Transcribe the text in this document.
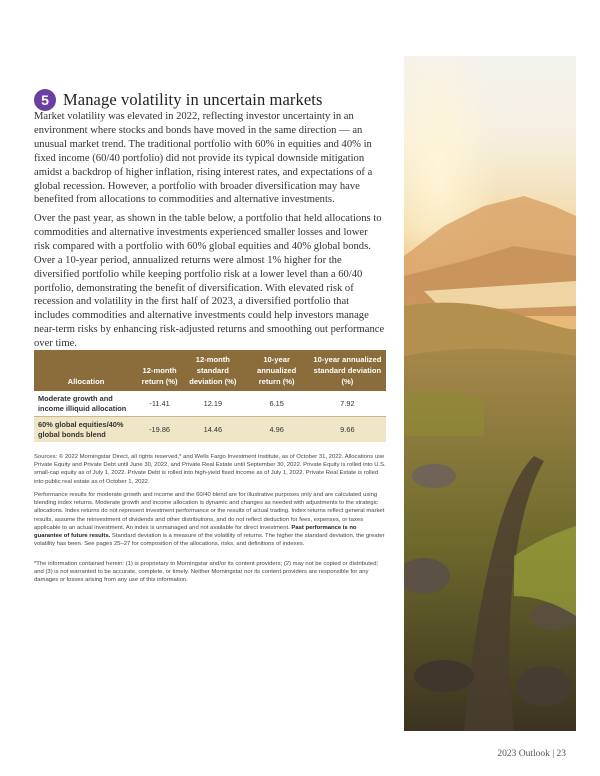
5 Manage volatility in uncertain markets

Market volatility was elevated in 2022, reflecting investor uncertainty in an environment where stocks and bonds have moved in the same direction — an unusual market trend. The traditional portfolio with 60% in equities and 40% in fixed income (60/40 portfolio) did not provide its typical downside mitigation amidst a backdrop of higher inflation, rising interest rates, and expectations of a global recession. However, a portfolio with broader diversification may have benefited from allocations to commodities and alternative investments.

Over the past year, as shown in the table below, a portfolio that held allocations to commodities and alternative investments experienced smaller losses and lower risk compared with a portfolio with 60% global equities and 40% global bonds. Over a 10-year period, annualized returns were almost 1% higher for the diversified portfolio while keeping portfolio risk at a lower level than a 60/40 portfolio, demonstrating the benefit of diversification. With elevated risk of recession and volatility in the first half of 2023, a diversified portfolio that includes commodities and alternative investments could help investors manage near-term risks by enhancing risk-adjusted returns and smoothing out performance over time.

Allocation	12-month return (%)	12-month standard deviation (%)	10-year annualized return (%)	10-year annualized standard deviation (%)
Moderate growth and income illiquid allocation	-11.41	12.19	6.15	7.92
60% global equities/40% global bonds blend	-19.86	14.46	4.96	9.66

Sources: © 2022 Morningstar Direct, all rights reserved,* and Wells Fargo Investment Institute, as of October 31, 2022. Allocations use Private Equity and Private Debt until June 30, 2022, and Private Real Estate until September 30, 2022. Private Equity is rolled into U.S. small-cap equity as of July 1, 2022. Private Debt is rolled into high-yield fixed income as of July 1, 2022. Private Real Estate is rolled into public real estate as of October 1, 2022.

Performance results for moderate growth and income and the 60/40 blend are for illustrative purposes only and are calculated using blending index returns. Moderate growth and income allocation is dynamic and changes as needed with adjustments to the strategic allocations. Index returns do not represent investment performance or the results of actual trading. Index returns reflect general market results, assume the reinvestment of dividends and other distributions, and do not reflect deduction for fees, expenses, or taxes applicable to an actual investment. An index is unmanaged and not available for direct investment. Past performance is no guarantee of future results. Standard deviation is a measure of the volatility of returns. The higher the standard deviation, the greater volatility has been. See pages 25–27 for composition of the allocations, risks, and definitions of indexes.

*The information contained herein: (1) is proprietary to Morningstar and/or its content providers; (2) may not be copied or distributed; and (3) is not warranted to be accurate, complete, or timely. Neither Morningstar nor its content providers are responsible for any damages or losses arising from any use of this information.

2023 Outlook | 23
